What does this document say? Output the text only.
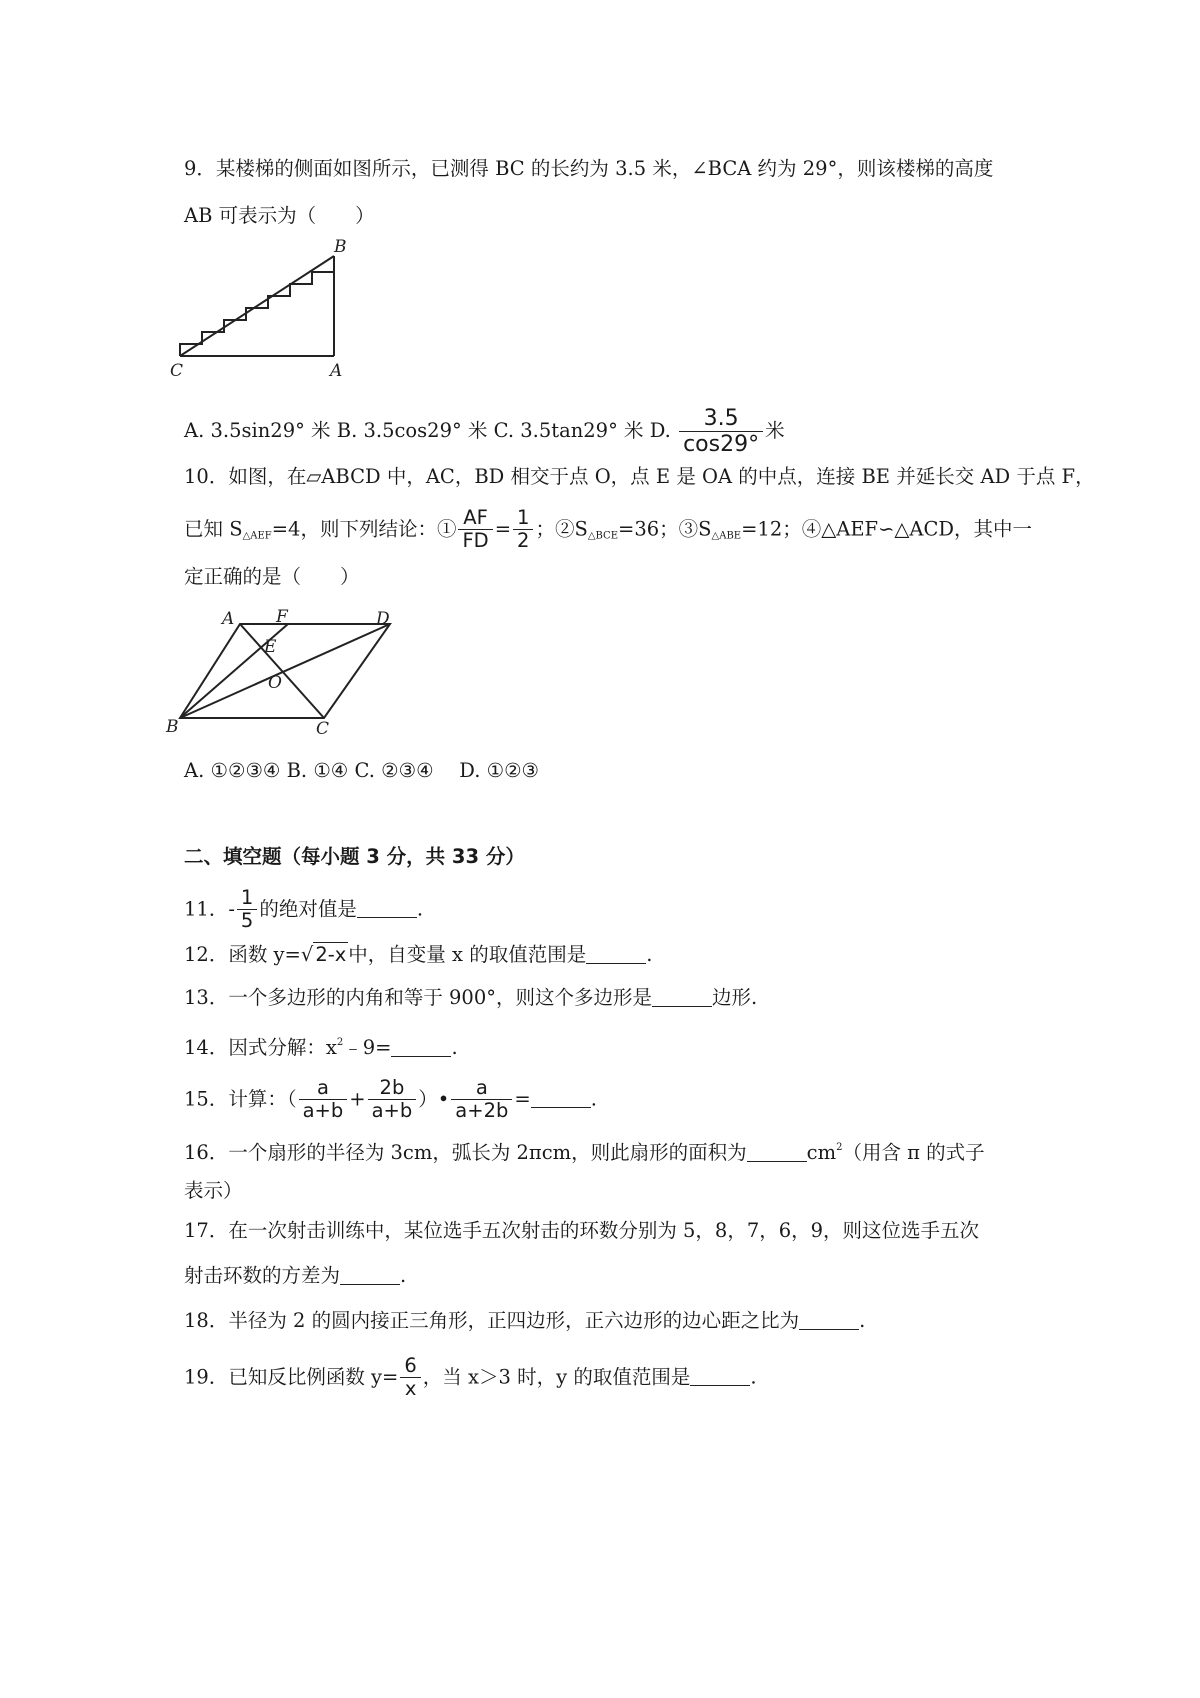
9．某楼梯的侧面如图所示，已测得 BC 的长约为 3.5 米，∠BCA 约为 29°，则该楼梯的高度
AB 可表示为（　　）
B
C	A
A. 3.5sin29° 米 B. 3.5cos29° 米 C. 3.5tan29° 米 D. $\frac{3.5}{\cos 29^\circ}$ 米
10．如图，在▱ABCD 中，AC，BD 相交于点 O，点 E 是 OA 的中点，连接 BE 并延长交 AD 于点 F，
已知 $S_{\triangle AEF}=4$，则下列结论：① $\frac{AF}{FD} = \frac{1}{2}$ ；$②S_{\triangle BCE}=36$；$③S_{\triangle ABE}=12$；④△AEF∽△ACD，其中一
定正确的是（　　）
A F	D
E
O
B	C
A. ①②③④ B. ①④ C. ②③④　 D. ①②③
二、填空题（每小题 3 分，共 33 分）
11．- $\frac{1}{5}$ 的绝对值是	.
12．函数 y=√ 2-x 中，自变量 x 的取值范围是	.
13．一个多边形的内角和等于 900°，则这个多边形是	边形.
14．因式分解：$x^2﹣9=$	.
15．计算：（ $\frac{a}{a+b} + \frac{2b}{a+b}$ ）• $\frac{a}{a+2b}$ =	.
16．一个扇形的半径为 3cm，弧长为 2πcm，则此扇形的面积为	$cm^2$（用含 π 的式子
表示）
17．在一次射击训练中，某位选手五次射击的环数分别为 5，8，7，6，9，则这位选手五次
射击环数的方差为	.
18．半径为 2 的圆内接正三角形，正四边形，正六边形的边心距之比为	.
19．已知反比例函数 $y= \frac{6}{x}$ ，当 x＞3 时，y 的取值范围是	.
